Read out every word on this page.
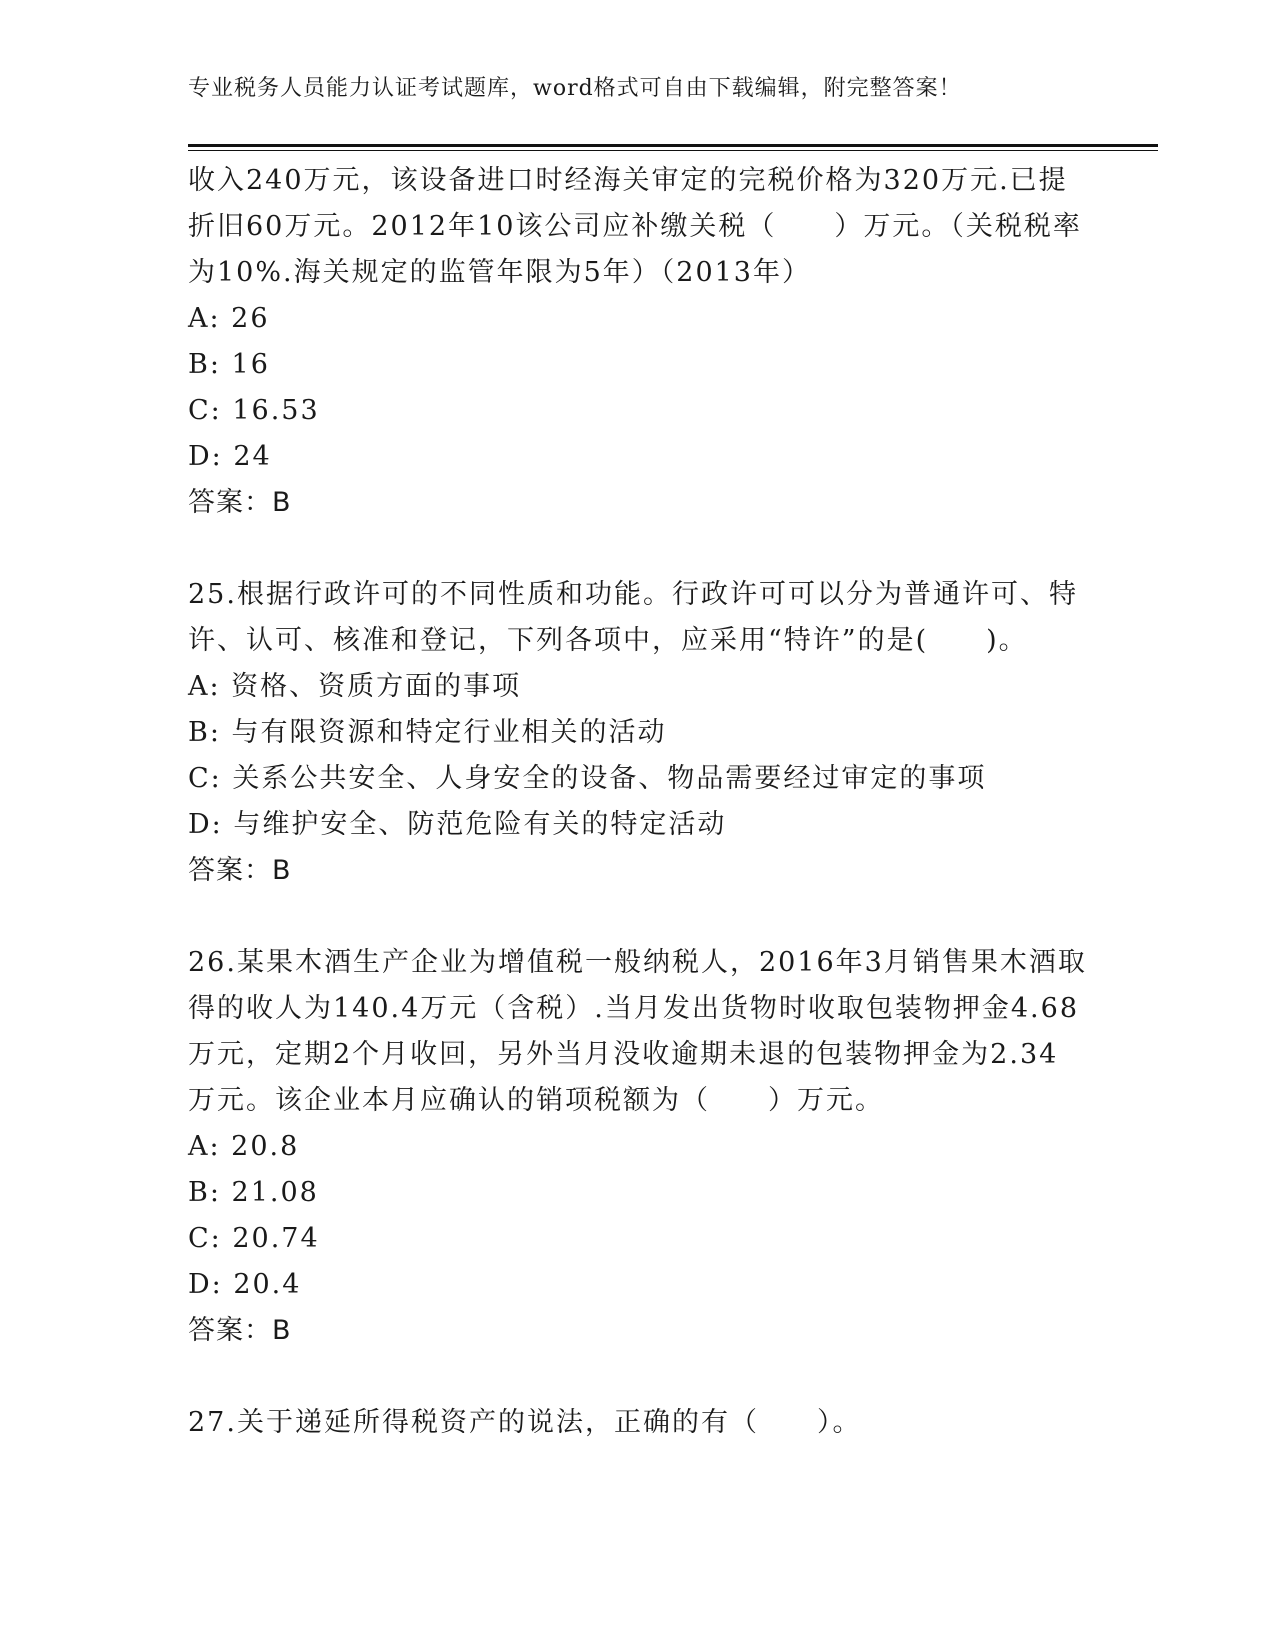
专业税务人员能力认证考试题库，word格式可自由下载编辑，附完整答案！

收入240万元，该设备进口时经海关审定的完税价格为320万元.已提

折旧60万元。2012年10该公司应补缴关税（　　）万元。（关税税率

为10%.海关规定的监管年限为5年）（2013年）

A: 26

B: 16

C: 16.53

D: 24

答案：B

25.根据行政许可的不同性质和功能。行政许可可以分为普通许可、特

许、认可、核准和登记，下列各项中，应采用“特许”的是(　　)。

A: 资格、资质方面的事项

B: 与有限资源和特定行业相关的活动

C: 关系公共安全、人身安全的设备、物品需要经过审定的事项

D: 与维护安全、防范危险有关的特定活动

答案：B

26.某果木酒生产企业为增值税一般纳税人，2016年3月销售果木酒取

得的收人为140.4万元（含税）.当月发出货物时收取包装物押金4.68

万元，定期2个月收回，另外当月没收逾期未退的包装物押金为2.34

万元。该企业本月应确认的销项税额为（　　）万元。

A: 20.8

B: 21.08

C: 20.74

D: 20.4

答案：B

27.关于递延所得税资产的说法，正确的有（　　）。
